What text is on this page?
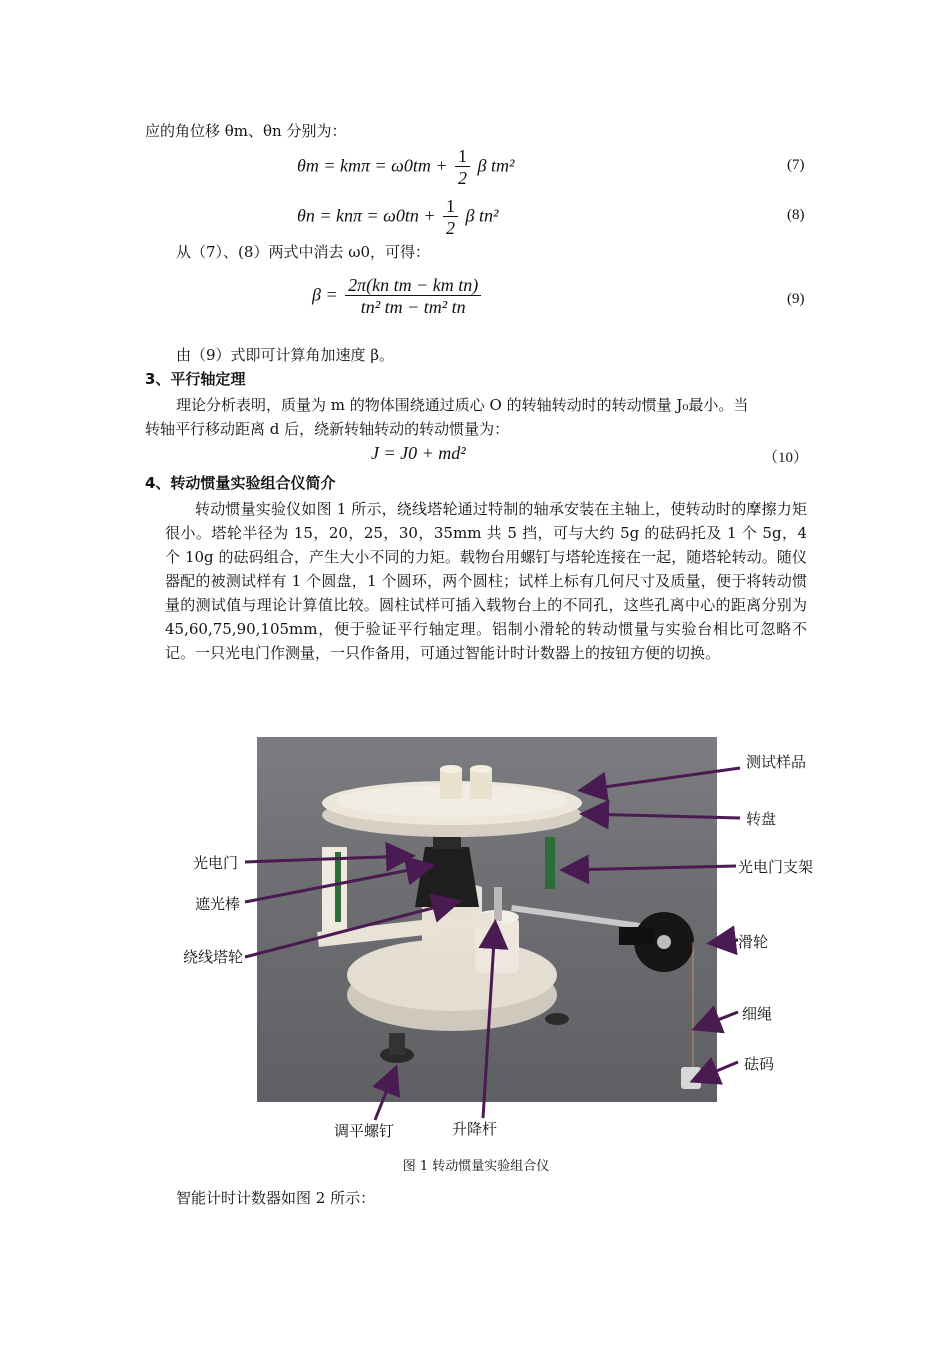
应的角位移 θm、θn 分别为：
$\theta m = km\pi = \omega 0tm + \frac{1}{2}$ β tm²	(7)
$\theta n = kn\pi = \omega 0tn + \frac{1}{2}$ β tn²	(8)
从（7）、(8）两式中消去 ω0，可得：
$\beta = \frac{\text{2π(kn tm − km tn)}}{\text{tn² tm − tm² tn}}$	(9)
由（9）式即可计算角加速度 β。
3、平行轴定理
理论分析表明，质量为 m 的物体围绕通过质心 O 的转轴转动时的转动惯量 J₀最小。当
转轴平行移动距离 d 后，绕新转轴转动的转动惯量为：
J = J0 + md²	（10）
4、转动惯量实验组合仪简介

转动惯量实验仪如图 1 所示，绕线塔轮通过特制的轴承安装在主轴上，使转动时的摩擦力矩很小。塔轮半径为 15，20，25，30，35mm 共 5 挡，可与大约 5g 的砝码托及 1 个 5g，4 个 10g 的砝码组合，产生大小不同的力矩。载物台用螺钉与塔轮连接在一起，随塔轮转动。随仪器配的被测试样有 1 个圆盘，1 个圆环，两个圆柱；试样上标有几何尺寸及质量，便于将转动惯量的测试值与理论计算值比较。圆柱试样可插入载物台上的不同孔，这些孔离中心的距离分别为 45,60,75,90,105mm，便于验证平行轴定理。铝制小滑轮的转动惯量与实验台相比可忽略不记。一只光电门作测量，一只作备用，可通过智能计时计数器上的按钮方便的切换。

测试样品
转盘
光电门	光电门支架
遮光棒
绕线塔轮
滑轮
细绳
砝码
调平螺钉	升降杆
图 1 转动惯量实验组合仪
智能计时计数器如图 2 所示：
